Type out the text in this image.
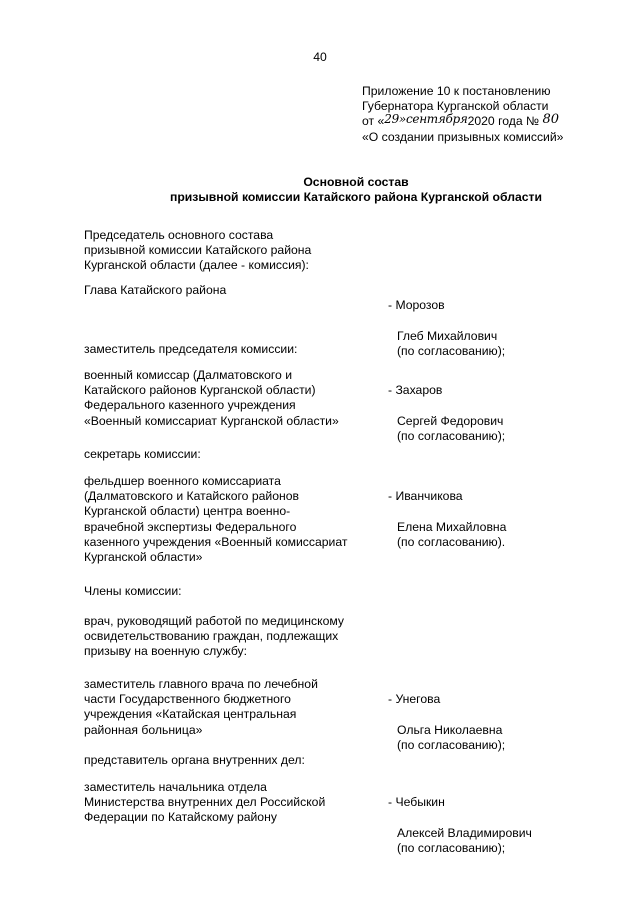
40
Приложение 10 к постановлению
Губернатора Курганской области
от «29»сентября2020 года № 80
«О создании призывных комиссий»
Основной состав
призывной комиссии Катайского района Курганской области
Председатель основного состава
призывной комиссии Катайского района
Курганской области (далее - комиссия):
Глава Катайского района

- Морозов

Глеб Михайлович
(по согласованию);

заместитель председателя комиссии:
военный комиссар (Далматовского и
Катайского районов Курганской области)
Федерального казенного учреждения
«Военный комиссариат Курганской области»

- Захаров

Сергей Федорович
(по согласованию);

секретарь комиссии:
фельдшер военного комиссариата
(Далматовского и Катайского районов
Курганской области) центра военно-
врачебной экспертизы Федерального
казенного учреждения «Военный комиссариат
Курганской области»

- Иванчикова

Елена Михайловна
(по согласованию).

Члены комиссии:
врач, руководящий работой по медицинскому
освидетельствованию граждан, подлежащих
призыву на военную службу:
заместитель главного врача по лечебной
части Государственного бюджетного
учреждения «Катайская центральная
районная больница»

- Унегова

Ольга Николаевна
(по согласованию);

представитель органа внутренних дел:
заместитель начальника отдела
Министерства внутренних дел Российской
Федерации по Катайскому району

- Чебыкин

Алексей Владимирович
(по согласованию);
